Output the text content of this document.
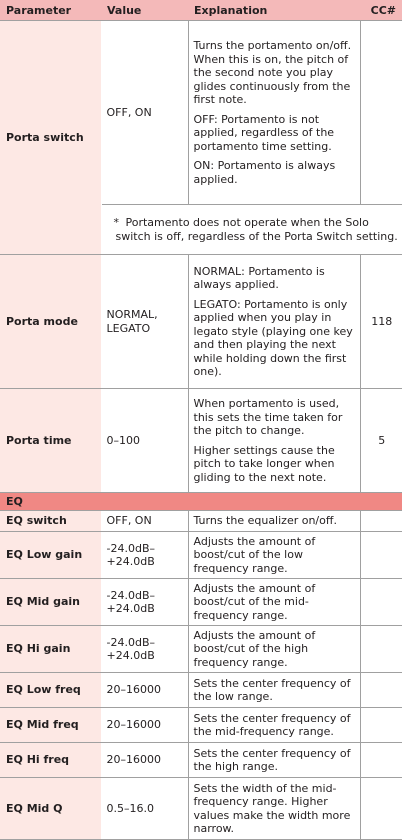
Parameter	Value	Explanation	CC#
Porta switch	OFF, ON	Turns the portamento on/off. When this is on, the pitch of the second note you play glides continuously from the first note.

OFF: Portamento is not applied, regardless of the portamento time setting.

ON: Portamento is always applied.	

	* Portamento does not operate when the Solo switch is off, regardless of the Porta Switch setting.		
Porta mode	NORMAL, LEGATO	NORMAL: Portamento is always applied.

LEGATO: Portamento is only applied when you play in legato style (playing one key and then playing the next while holding down the first one).	118
Porta time	0–100	When portamento is used, this sets the time taken for the pitch to change.

Higher settings cause the pitch to take longer when gliding to the next note.	5
EQ			
EQ switch	OFF, ON	Turns the equalizer on/off.	
EQ Low gain	-24.0dB– +24.0dB	Adjusts the amount of boost/cut of the low frequency range.	
EQ Mid gain	-24.0dB– +24.0dB	Adjusts the amount of boost/cut of the mid-frequency range.	
EQ Hi gain	-24.0dB– +24.0dB	Adjusts the amount of boost/cut of the high frequency range.	
EQ Low freq	20–16000	Sets the center frequency of the low range.	
EQ Mid freq	20–16000	Sets the center frequency of the mid-frequency range.	
EQ Hi freq	20–16000	Sets the center frequency of the high range.	
EQ Mid Q	0.5–16.0	Sets the width of the mid-frequency range. Higher values make the width more narrow.	
